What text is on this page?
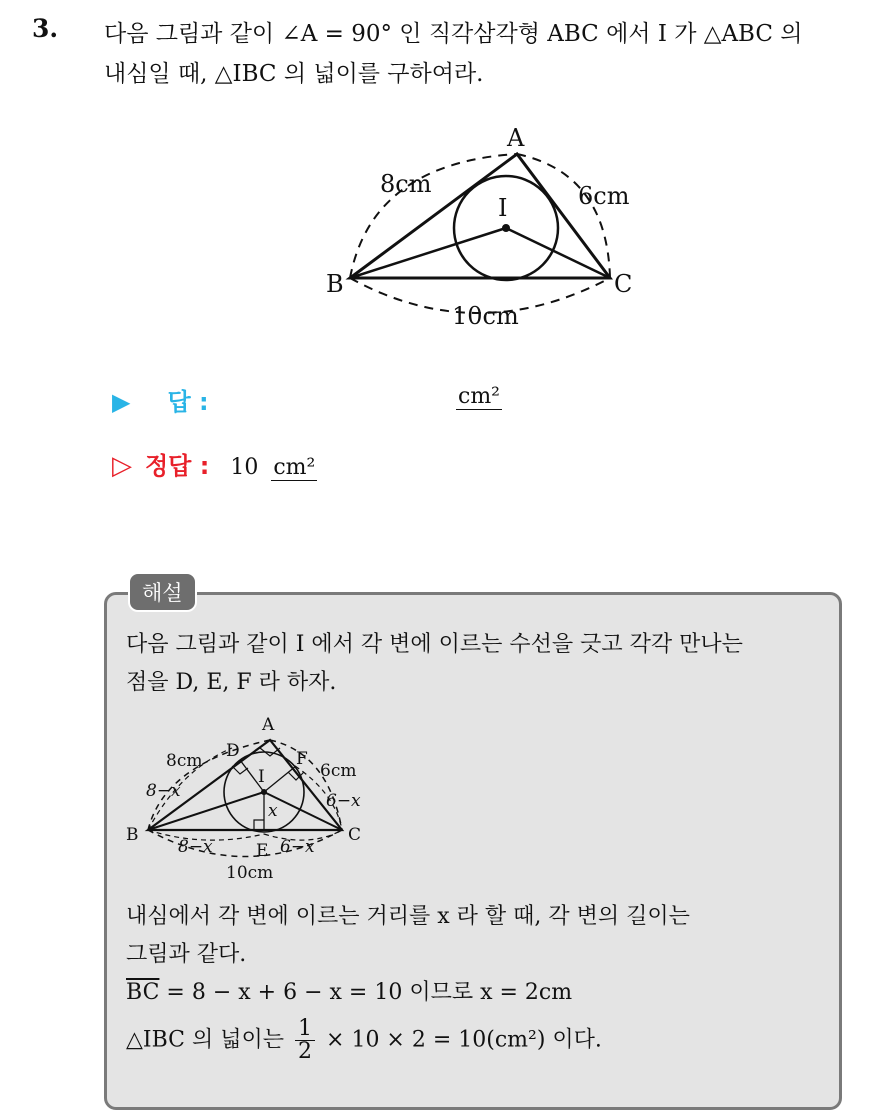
3. 다음 그림과 같이 ∠A = 90° 인 직각삼각형 ABC 에서 I 가 △ABC 의
내심일 때, △IBC 의 넓이를 구하여라.
A
B	C
I
8cm	6cm
10cm
▶ 답 :	cm²
▷ 정답 : 10 cm²
해설
다음 그림과 같이 I 에서 각 변에 이르는 수선을 긋고 각각 만나는
점을 D, E, F 라 하자.
A
B	C
I
D
E
F
8cm	6cm
10cm
8−x
8−x	6−x
6−x
x
내심에서 각 변에 이르는 거리를 x 라 할 때, 각 변의 길이는
그림과 같다.
$\overline{BC} = 8 - x + 6 - x = 10$ 이므로 x = 2cm
△IBC 의 넓이는 $\frac{1}{2} \times 10 \times 2 = 10(cm^2)$ 이다.
